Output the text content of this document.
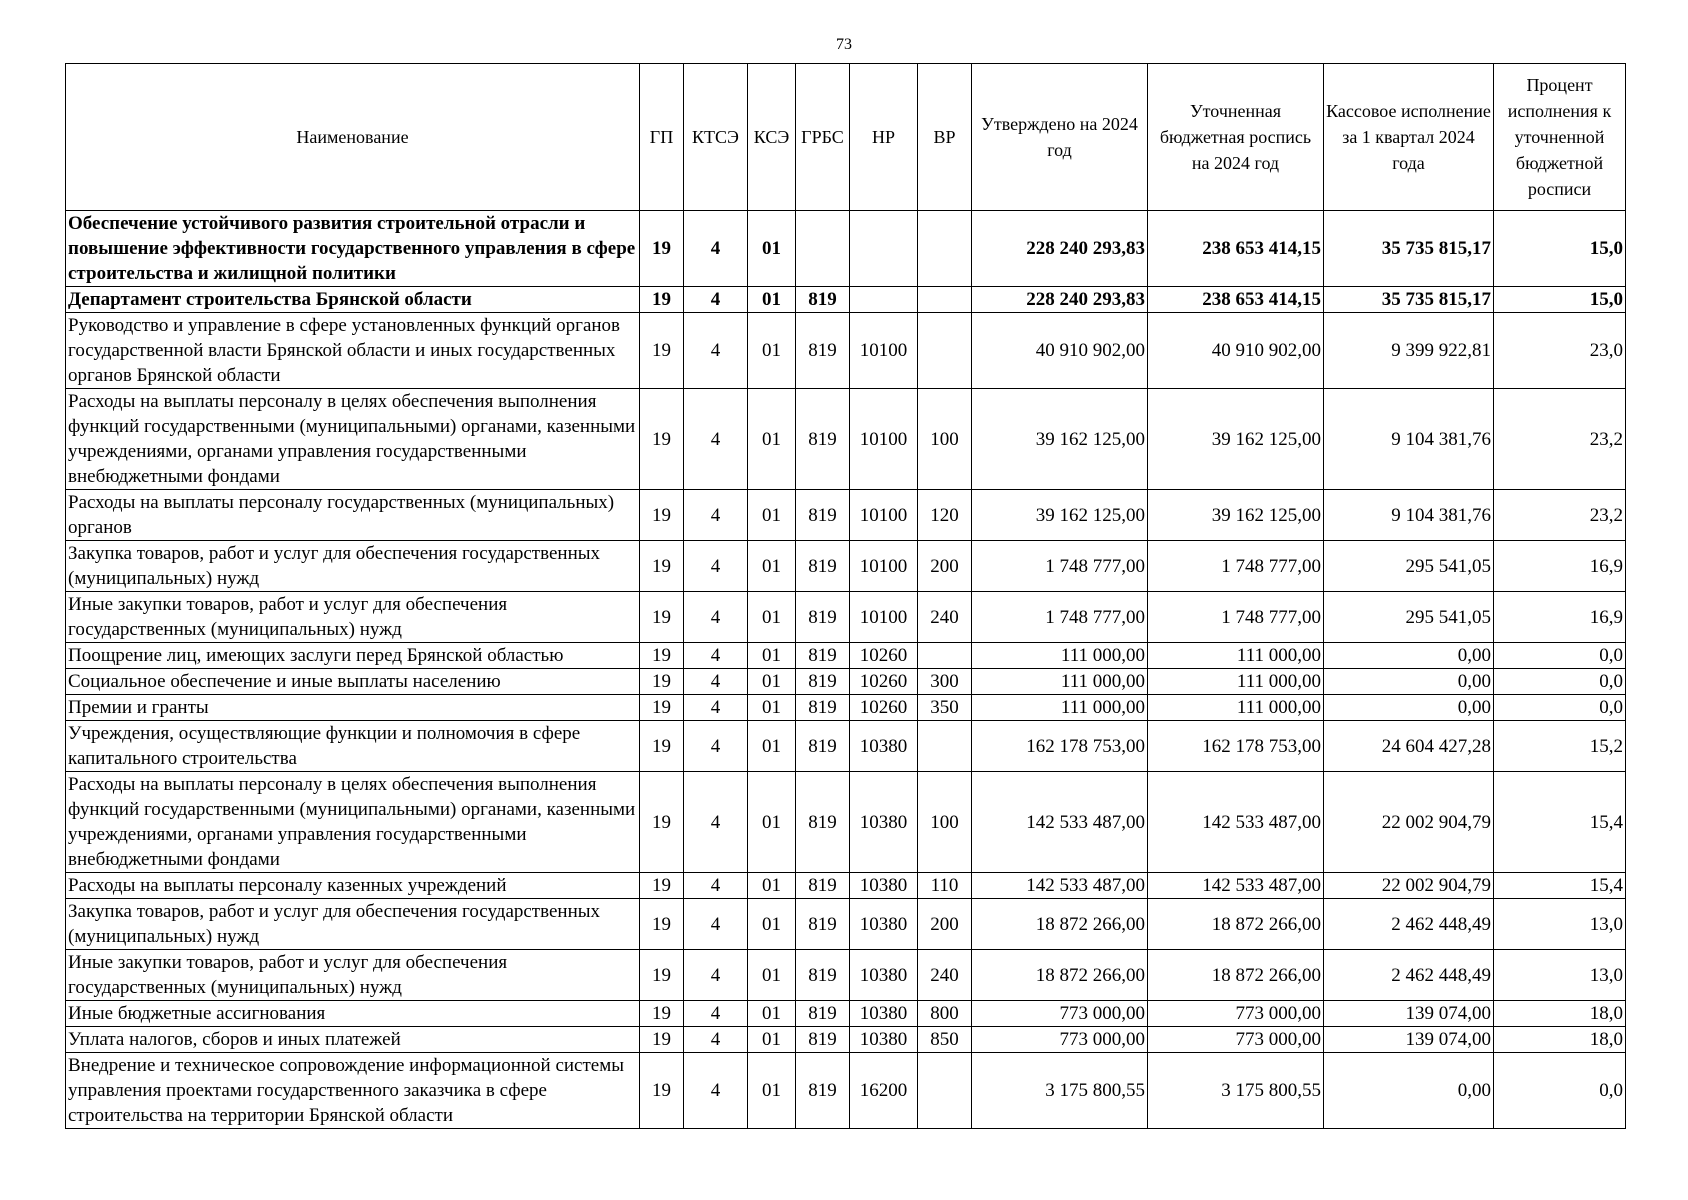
73
Наименование	ГП	КТСЭ	КСЭ	ГРБС	НР	ВР	Утверждено на 2024 год	Уточненная бюджетная роспись на 2024 год	Кассовое исполнение за 1 квартал 2024 года	Процент исполнения к уточненной бюджетной росписи
Обеспечение устойчивого развития строительной отрасли и повышение эффективности государственного управления в сфере строительства и жилищной политики	19	4	01				228 240 293,83	238 653 414,15	35 735 815,17	15,0
Департамент строительства Брянской области	19	4	01	819			228 240 293,83	238 653 414,15	35 735 815,17	15,0
Руководство и управление в сфере установленных функций органов государственной власти Брянской области и иных государственных органов Брянской области	19	4	01	819	10100		40 910 902,00	40 910 902,00	9 399 922,81	23,0
Расходы на выплаты персоналу в целях обеспечения выполнения функций государственными (муниципальными) органами, казенными учреждениями, органами управления государственными внебюджетными фондами	19	4	01	819	10100	100	39 162 125,00	39 162 125,00	9 104 381,76	23,2
Расходы на выплаты персоналу государственных (муниципальных) органов	19	4	01	819	10100	120	39 162 125,00	39 162 125,00	9 104 381,76	23,2
Закупка товаров, работ и услуг для обеспечения государственных (муниципальных) нужд	19	4	01	819	10100	200	1 748 777,00	1 748 777,00	295 541,05	16,9
Иные закупки товаров, работ и услуг для обеспечения государственных (муниципальных) нужд	19	4	01	819	10100	240	1 748 777,00	1 748 777,00	295 541,05	16,9
Поощрение лиц, имеющих заслуги перед Брянской областью	19	4	01	819	10260		111 000,00	111 000,00	0,00	0,0
Социальное обеспечение и иные выплаты населению	19	4	01	819	10260	300	111 000,00	111 000,00	0,00	0,0
Премии и гранты	19	4	01	819	10260	350	111 000,00	111 000,00	0,00	0,0
Учреждения, осуществляющие функции и полномочия в сфере капитального строительства	19	4	01	819	10380		162 178 753,00	162 178 753,00	24 604 427,28	15,2
Расходы на выплаты персоналу в целях обеспечения выполнения функций государственными (муниципальными) органами, казенными учреждениями, органами управления государственными внебюджетными фондами	19	4	01	819	10380	100	142 533 487,00	142 533 487,00	22 002 904,79	15,4
Расходы на выплаты персоналу казенных учреждений	19	4	01	819	10380	110	142 533 487,00	142 533 487,00	22 002 904,79	15,4
Закупка товаров, работ и услуг для обеспечения государственных (муниципальных) нужд	19	4	01	819	10380	200	18 872 266,00	18 872 266,00	2 462 448,49	13,0
Иные закупки товаров, работ и услуг для обеспечения государственных (муниципальных) нужд	19	4	01	819	10380	240	18 872 266,00	18 872 266,00	2 462 448,49	13,0
Иные бюджетные ассигнования	19	4	01	819	10380	800	773 000,00	773 000,00	139 074,00	18,0
Уплата налогов, сборов и иных платежей	19	4	01	819	10380	850	773 000,00	773 000,00	139 074,00	18,0
Внедрение и техническое сопровождение информационной системы управления проектами государственного заказчика в сфере строительства на территории Брянской области	19	4	01	819	16200		3 175 800,55	3 175 800,55	0,00	0,0
